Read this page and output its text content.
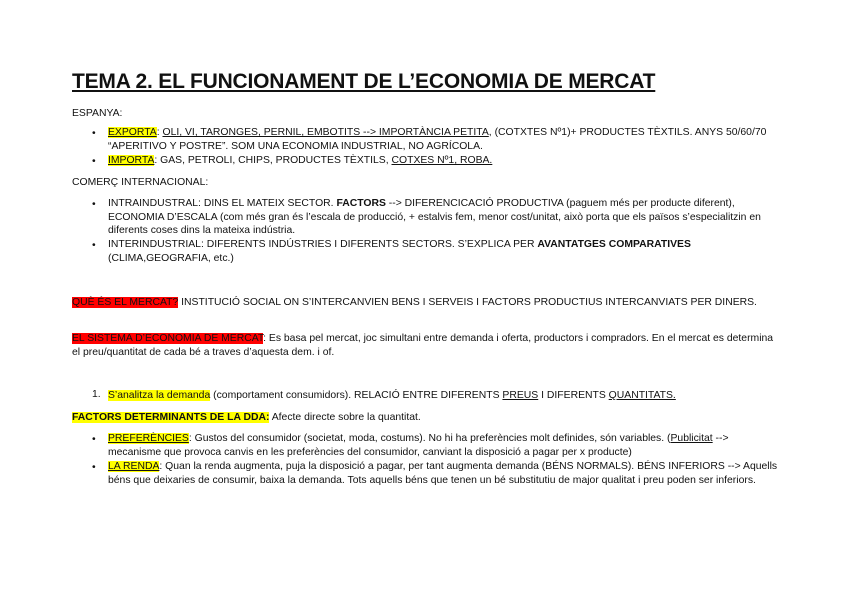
TEMA 2. EL FUNCIONAMENT DE L’ECONOMIA DE MERCAT
ESPANYA:
• EXPORTA: OLI, VI, TARONGES, PERNIL, EMBOTITS --> IMPORTÀNCIA PETITA, (COTXTES Nº1)+ PRODUCTES TÈXTILS. ANYS 50/60/70 “APERITIVO Y POSTRE”. SOM UNA ECONOMIA INDUSTRIAL, NO AGRÍCOLA.
• IMPORTA: GAS, PETROLI, CHIPS, PRODUCTES TÈXTILS, COTXES Nº1, ROBA.
COMERÇ INTERNACIONAL:
• INTRAINDUSTRAL: DINS EL MATEIX SECTOR. FACTORS --> DIFERENCICACIÓ PRODUCTIVA (paguem més per producte diferent), ECONOMIA D’ESCALA (com més gran és l’escala de producció, + estalvis fem, menor cost/unitat, això porta que els països s’especialitzin en diferents coses dins la mateixa indústria.
• INTERINDUSTRIAL: DIFERENTS INDÚSTRIES I DIFERENTS SECTORS. S’EXPLICA PER AVANTATGES COMPARATIVES (CLIMA,GEOGRAFIA, etc.)
QUÈ ÉS EL MERCAT? INSTITUCIÓ SOCIAL ON S’INTERCANVIEN BENS I SERVEIS I FACTORS PRODUCTIUS INTERCANVIATS PER DINERS.
EL SISTEMA D’ECONOMIA DE MERCAT: Es basa pel mercat, joc simultani entre demanda i oferta, productors i compradors. En el mercat es determina el preu/quantitat de cada bé a traves d’aquesta dem. i of.
1. S’analitza la demanda (comportament consumidors). RELACIÓ ENTRE DIFERENTS PREUS I DIFERENTS QUANTITATS.
FACTORS DETERMINANTS DE LA DDA: Afecte directe sobre la quantitat.
• PREFERÈNCIES: Gustos del consumidor (societat, moda, costums). No hi ha preferències molt definides, són variables. (Publicitat --> mecanisme que provoca canvis en les preferències del consumidor, canviant la disposició a pagar per x producte)
• LA RENDA: Quan la renda augmenta, puja la disposició a pagar, per tant augmenta demanda (BÉNS NORMALS). BÉNS INFERIORS --> Aquells béns que deixaries de consumir, baixa la demanda. Tots aquells béns que tenen un bé substitutiu de major qualitat i preu poden ser inferiors.
